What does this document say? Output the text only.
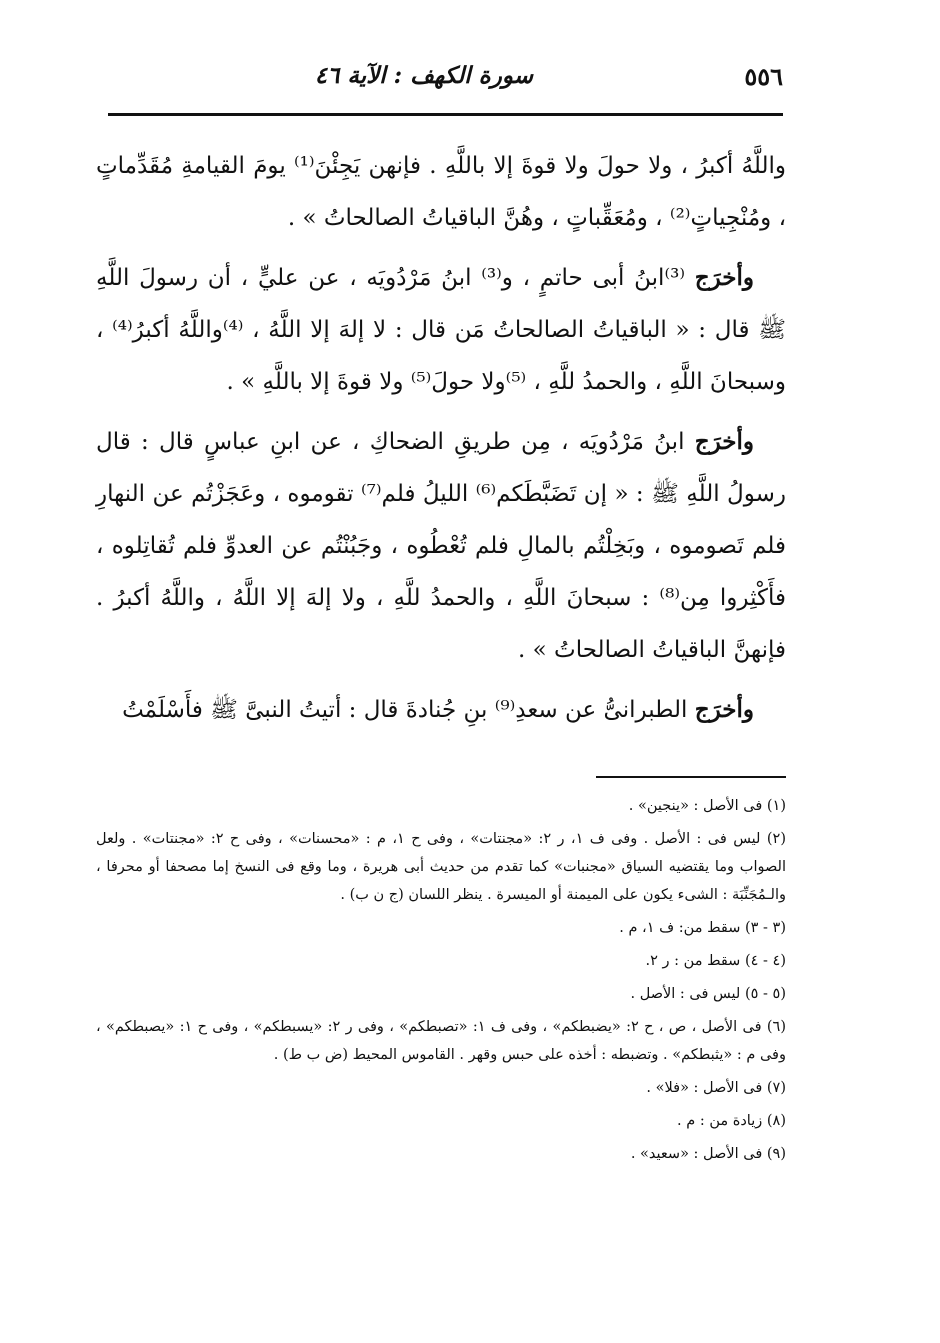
٥٥٦
سورة الكهف : الآية ٤٦

واللَّهُ أكبرُ ، ولا حولَ ولا قوةَ إلا باللَّهِ . فإنهن يَجِئْنَ⁽¹⁾ يومَ القيامةِ مُقَدِّماتٍ ، ومُنْجِياتٍ⁽²⁾ ، ومُعَقِّباتٍ ، وهُنَّ الباقياتُ الصالحاتُ » .

وأخرَج ⁽³⁾ابنُ أبى حاتمٍ ، و⁽³⁾ ابنُ مَرْدُويَه ، عن عليٍّ ، أن رسولَ اللَّهِ ﷺ قال : « الباقياتُ الصالحاتُ مَن قال : لا إلهَ إلا اللَّهُ ، ⁽⁴⁾واللَّهُ أكبرُ⁽⁴⁾ ، وسبحانَ اللَّهِ ، والحمدُ للَّهِ ، ⁽⁵⁾ولا حولَ⁽⁵⁾ ولا قوةَ إلا باللَّهِ » .

وأخرَج ابنُ مَرْدُويَه ، مِن طريقِ الضحاكِ ، عن ابنِ عباسٍ قال : قال رسولُ اللَّهِ ﷺ : « إن تَضَبَّطَكم⁽⁶⁾ الليلُ فلم⁽⁷⁾ تقوموه ، وعَجَزْتُم عن النهارِ فلم تَصوموه ، وبَخِلْتُم بالمالِ فلم تُعْطُوه ، وجَبُنْتُم عن العدوِّ فلم تُقاتِلوه ، فأَكْثِروا مِن⁽⁸⁾ : سبحانَ اللَّهِ ، والحمدُ للَّهِ ، ولا إلهَ إلا اللَّهُ ، واللَّهُ أكبرُ . فإنهنَّ الباقياتُ الصالحاتُ » .

وأخرَج الطبرانىُّ عن سعدِ⁽⁹⁾ بنِ جُنادةَ قال : أتيتُ النبىَّ ﷺ فأَسْلَمْتُ

(١) فى الأصل : «ينجين» .

(٢) ليس فى : الأصل . وفى ف ١، ر ٢: «مجنتات» ، وفى ح ١، م : «محسنات» ، وفى ح ٢: «مجنتات» . ولعل الصواب وما يقتضيه السياق «مجنبات» كما تقدم من حديث أبى هريرة ، وما وقع فى النسخ إما مصحفا أو محرفا ، والـمُجَنِّبَة : الشىء يكون على الميمنة أو الميسرة . ينظر اللسان (ج ن ب) .

(٣ - ٣) سقط من: ف ١، م .

(٤ - ٤) سقط من : ر ٢.

(٥ - ٥) ليس فى : الأصل .

(٦) فى الأصل ، ص ، ح ٢: «يضبطكم» ، وفى ف ١: «تصبطكم» ، وفى ر ٢: «يسبطكم» ، وفى ح ١: «يصبطكم» ، وفى م : «يثبطكم» . وتضبطه : أخذه على حبس وقهر . القاموس المحيط (ض ب ط) .

(٧) فى الأصل : «فلا» .

(٨) زيادة من : م .

(٩) فى الأصل : «سعيد» .
